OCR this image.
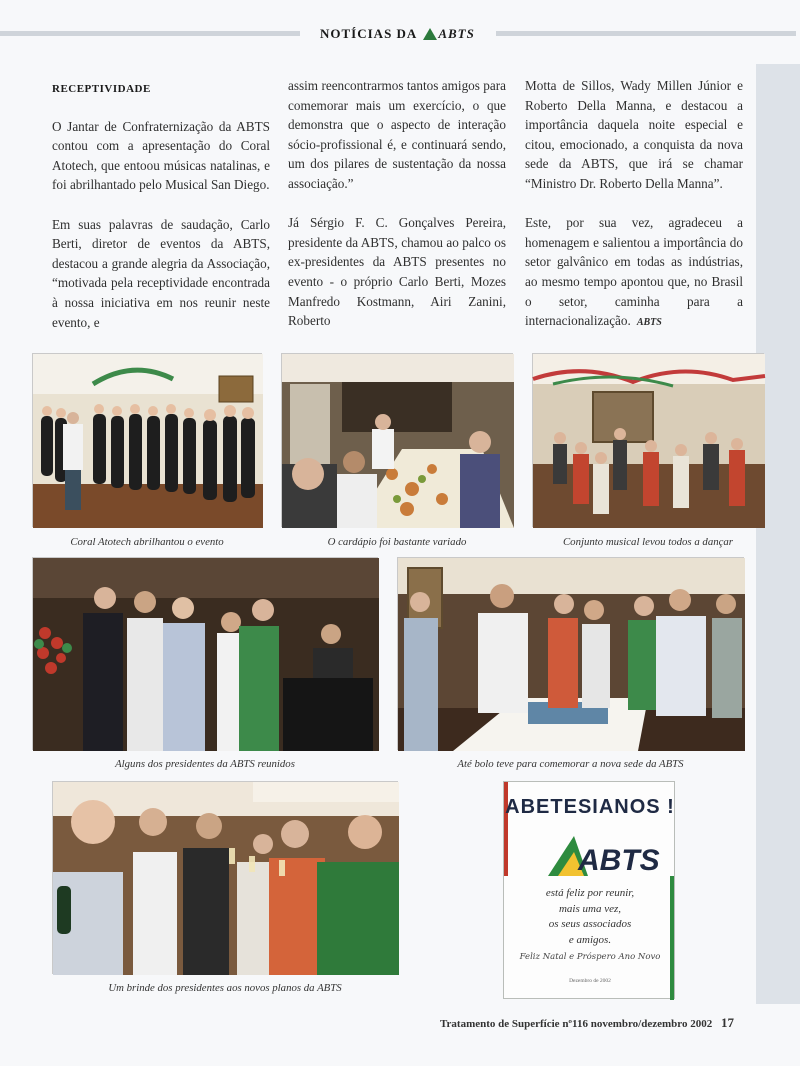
NOTÍCIAS DA ABTS
RECEPTIVIDADE

O Jantar de Confraternização da ABTS contou com a apresentação do Coral Atotech, que entoou músicas natalinas, e foi abrilhantado pelo Musical San Diego.

Em suas palavras de saudação, Carlo Berti, diretor de eventos da ABTS, destacou a grande alegria da Associação, “motivada pela receptividade encontrada à nossa iniciativa em nos reunir neste evento, e

assim reencontrarmos tantos amigos para comemorar mais um exercício, o que demonstra que o aspecto de interação sócio-profissional é, e continuará sendo, um dos pilares de sustentação da nossa associação.”

Já Sérgio F. C. Gonçalves Pereira, presidente da ABTS, chamou ao palco os ex-presidentes da ABTS presentes no evento - o próprio Carlo Berti, Mozes Manfredo Kostmann, Airi Zanini, Roberto

Motta de Sillos, Wady Millen Júnior e Roberto Della Manna, e destacou a importância daquela noite especial e citou, emocionado, a conquista da nova sede da ABTS, que irá se chamar “Ministro Dr. Roberto Della Manna”.

Este, por sua vez, agradeceu a homenagem e salientou a importância do setor galvânico em todas as indústrias, ao mesmo tempo apontou que, no Brasil o setor, caminha para a internacionalização. ABTS

Coral Atotech abrilhantou o evento	O cardápio foi bastante variado	Conjunto musical levou todos a dançar
Alguns dos presidentes da ABTS reunidos	Até bolo teve para comemorar a nova sede da ABTS
Um brinde dos presidentes aos novos planos da ABTS
ABETESIANOS !
ABTS
está feliz por reunir,
mais uma vez,
os seus associados
e amigos.
Feliz Natal e Próspero Ano Novo
Dezembro de 2002
Tratamento de Superfície nº116 novembro/dezembro 2002 17
